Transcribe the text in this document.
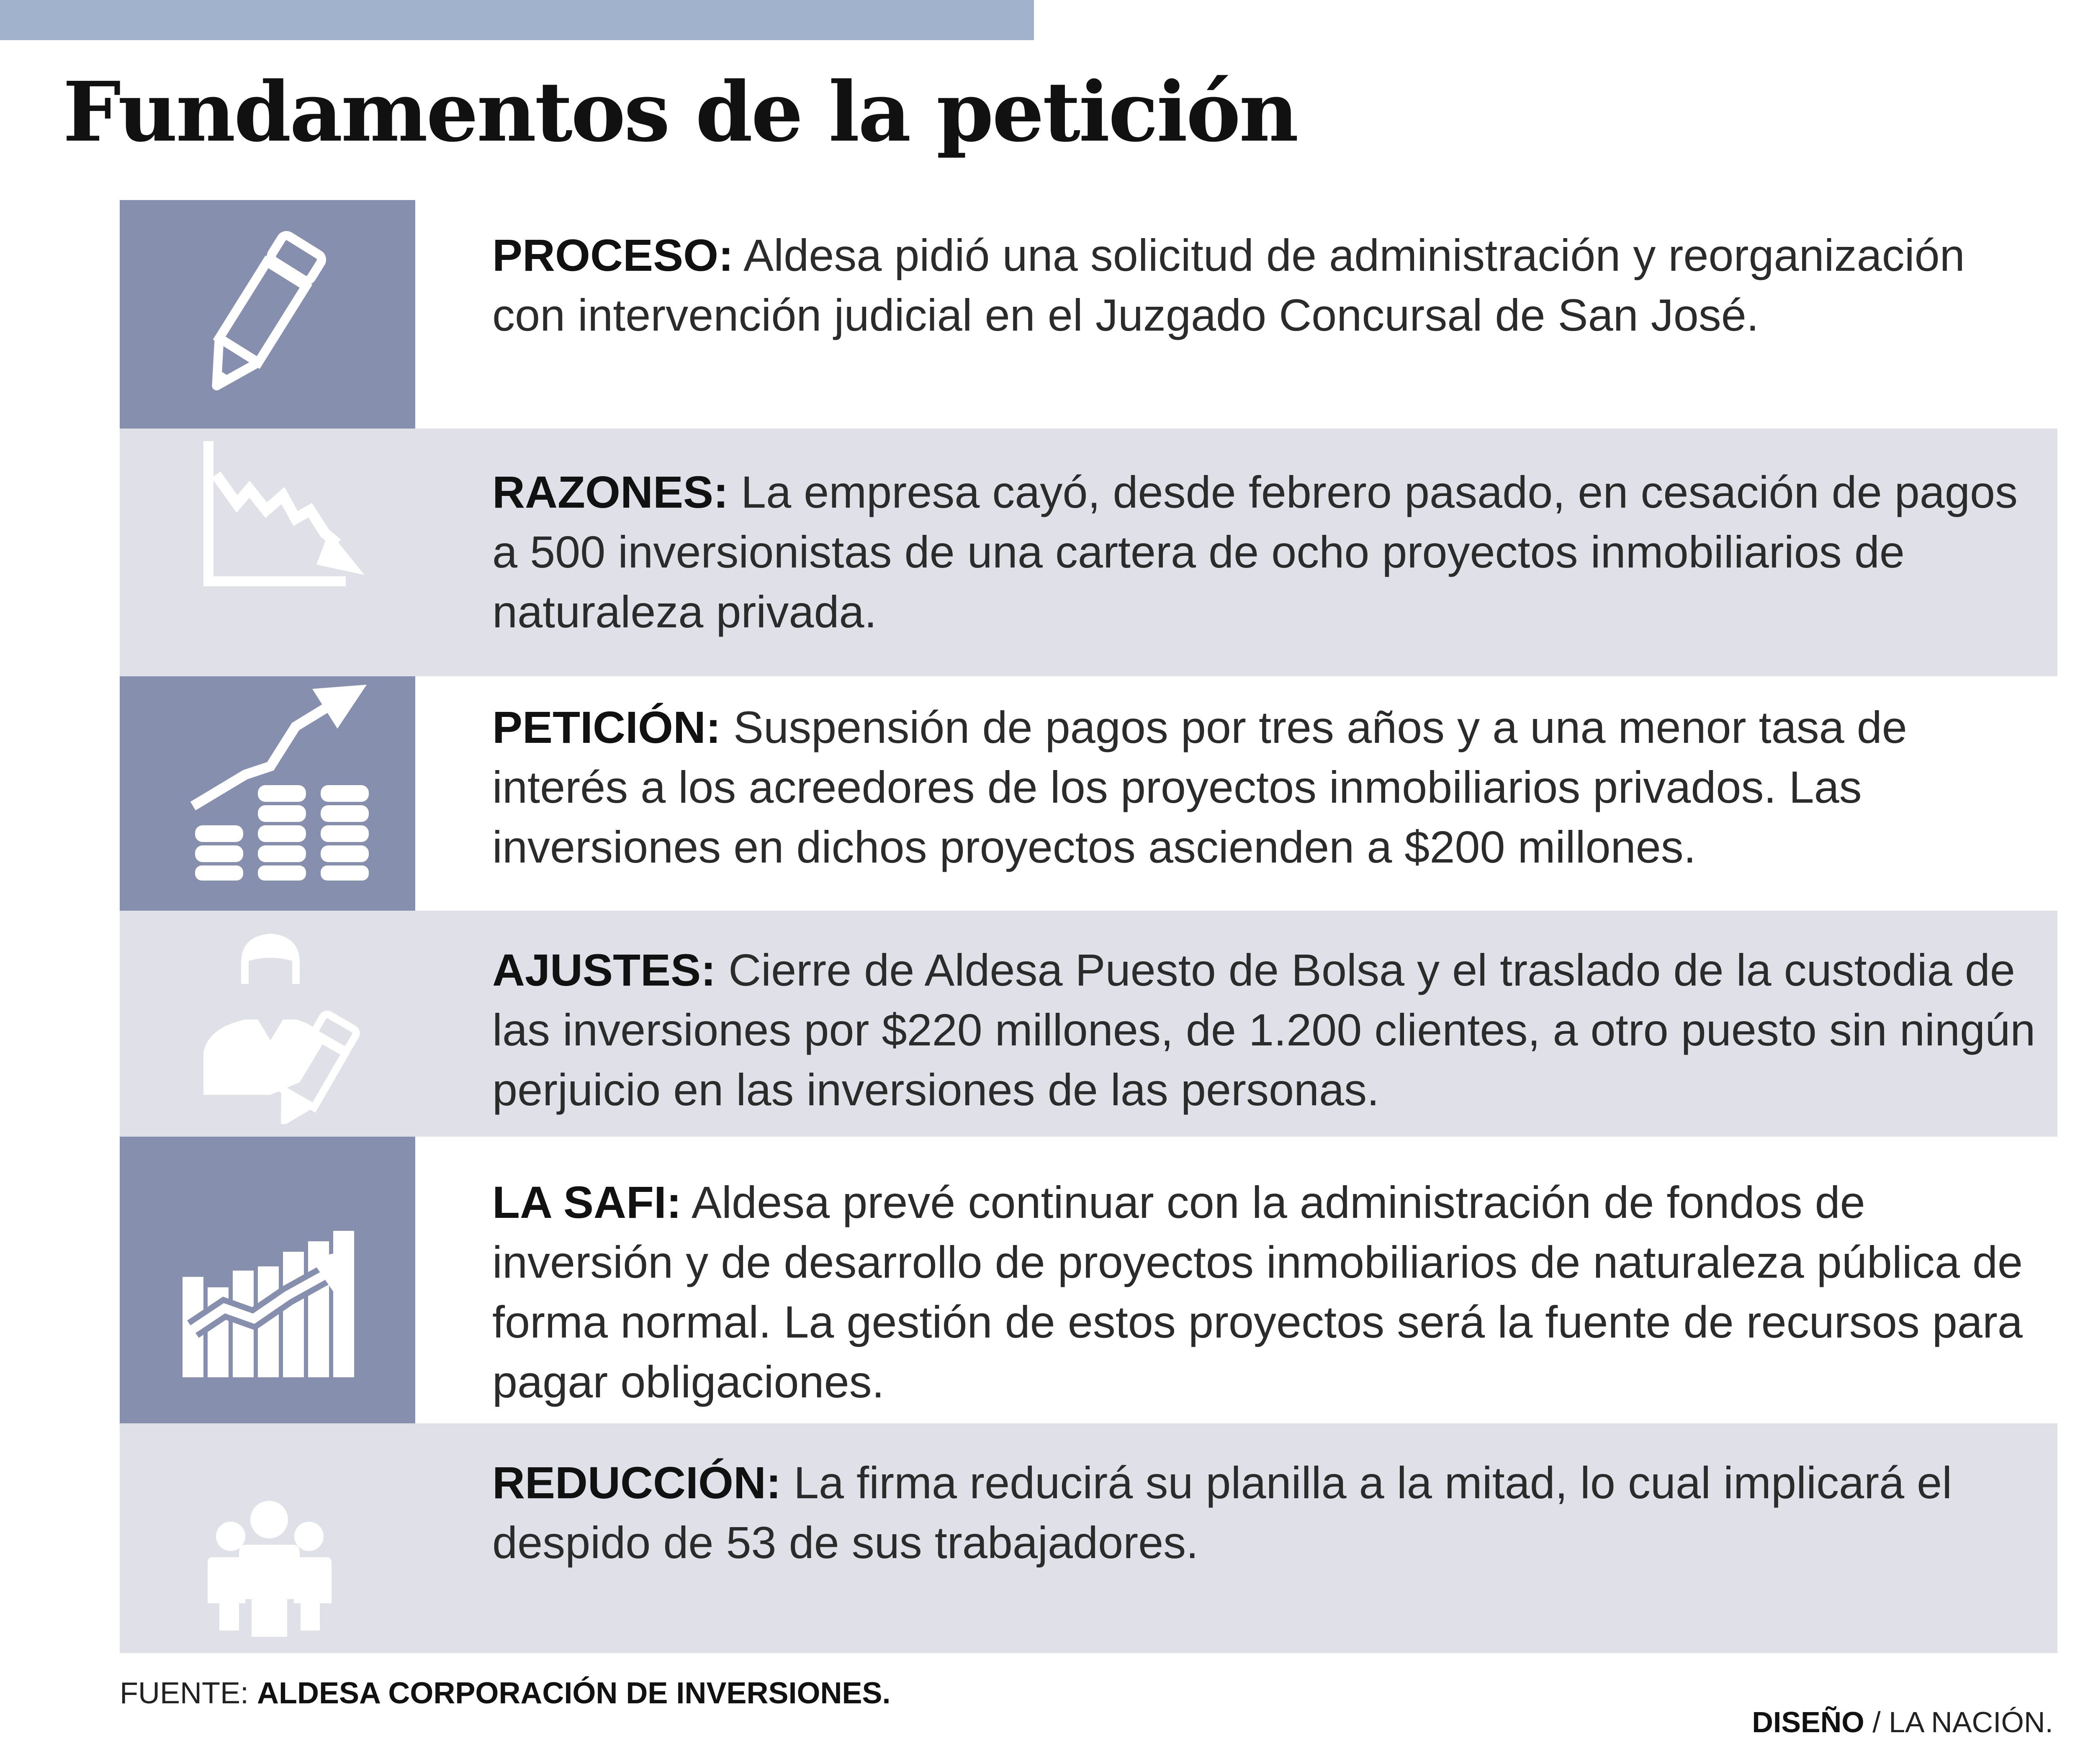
Fundamentos de la petición
PROCESO: Aldesa pidió una solicitud de administración y reorganización con intervención judicial en el Juzgado Concursal de San José.
RAZONES: La empresa cayó, desde febrero pasado, en cesación de pagos a 500 inversionistas de una cartera de ocho proyectos inmobiliarios de naturaleza privada.
PETICIÓN: Suspensión de pagos por tres años y a una menor tasa de interés a los acreedores de los proyectos inmobiliarios privados. Las inversiones en dichos proyectos ascienden a $200 millones.
AJUSTES: Cierre de Aldesa Puesto de Bolsa y el traslado de la custodia de las inversiones por $220 millones, de 1.200 clientes, a otro puesto sin ningún perjuicio en las inversiones de las personas.
LA SAFI: Aldesa prevé continuar con la administración de fondos de inversión y de desarrollo de proyectos inmobiliarios de naturaleza pública de forma normal. La gestión de estos proyectos será la fuente de recursos para pagar obligaciones.
REDUCCIÓN: La firma reducirá su planilla a la mitad, lo cual implicará el despido de 53 de sus trabajadores.
FUENTE: ALDESA CORPORACIÓN DE INVERSIONES.
DISEÑO / LA NACIÓN.
